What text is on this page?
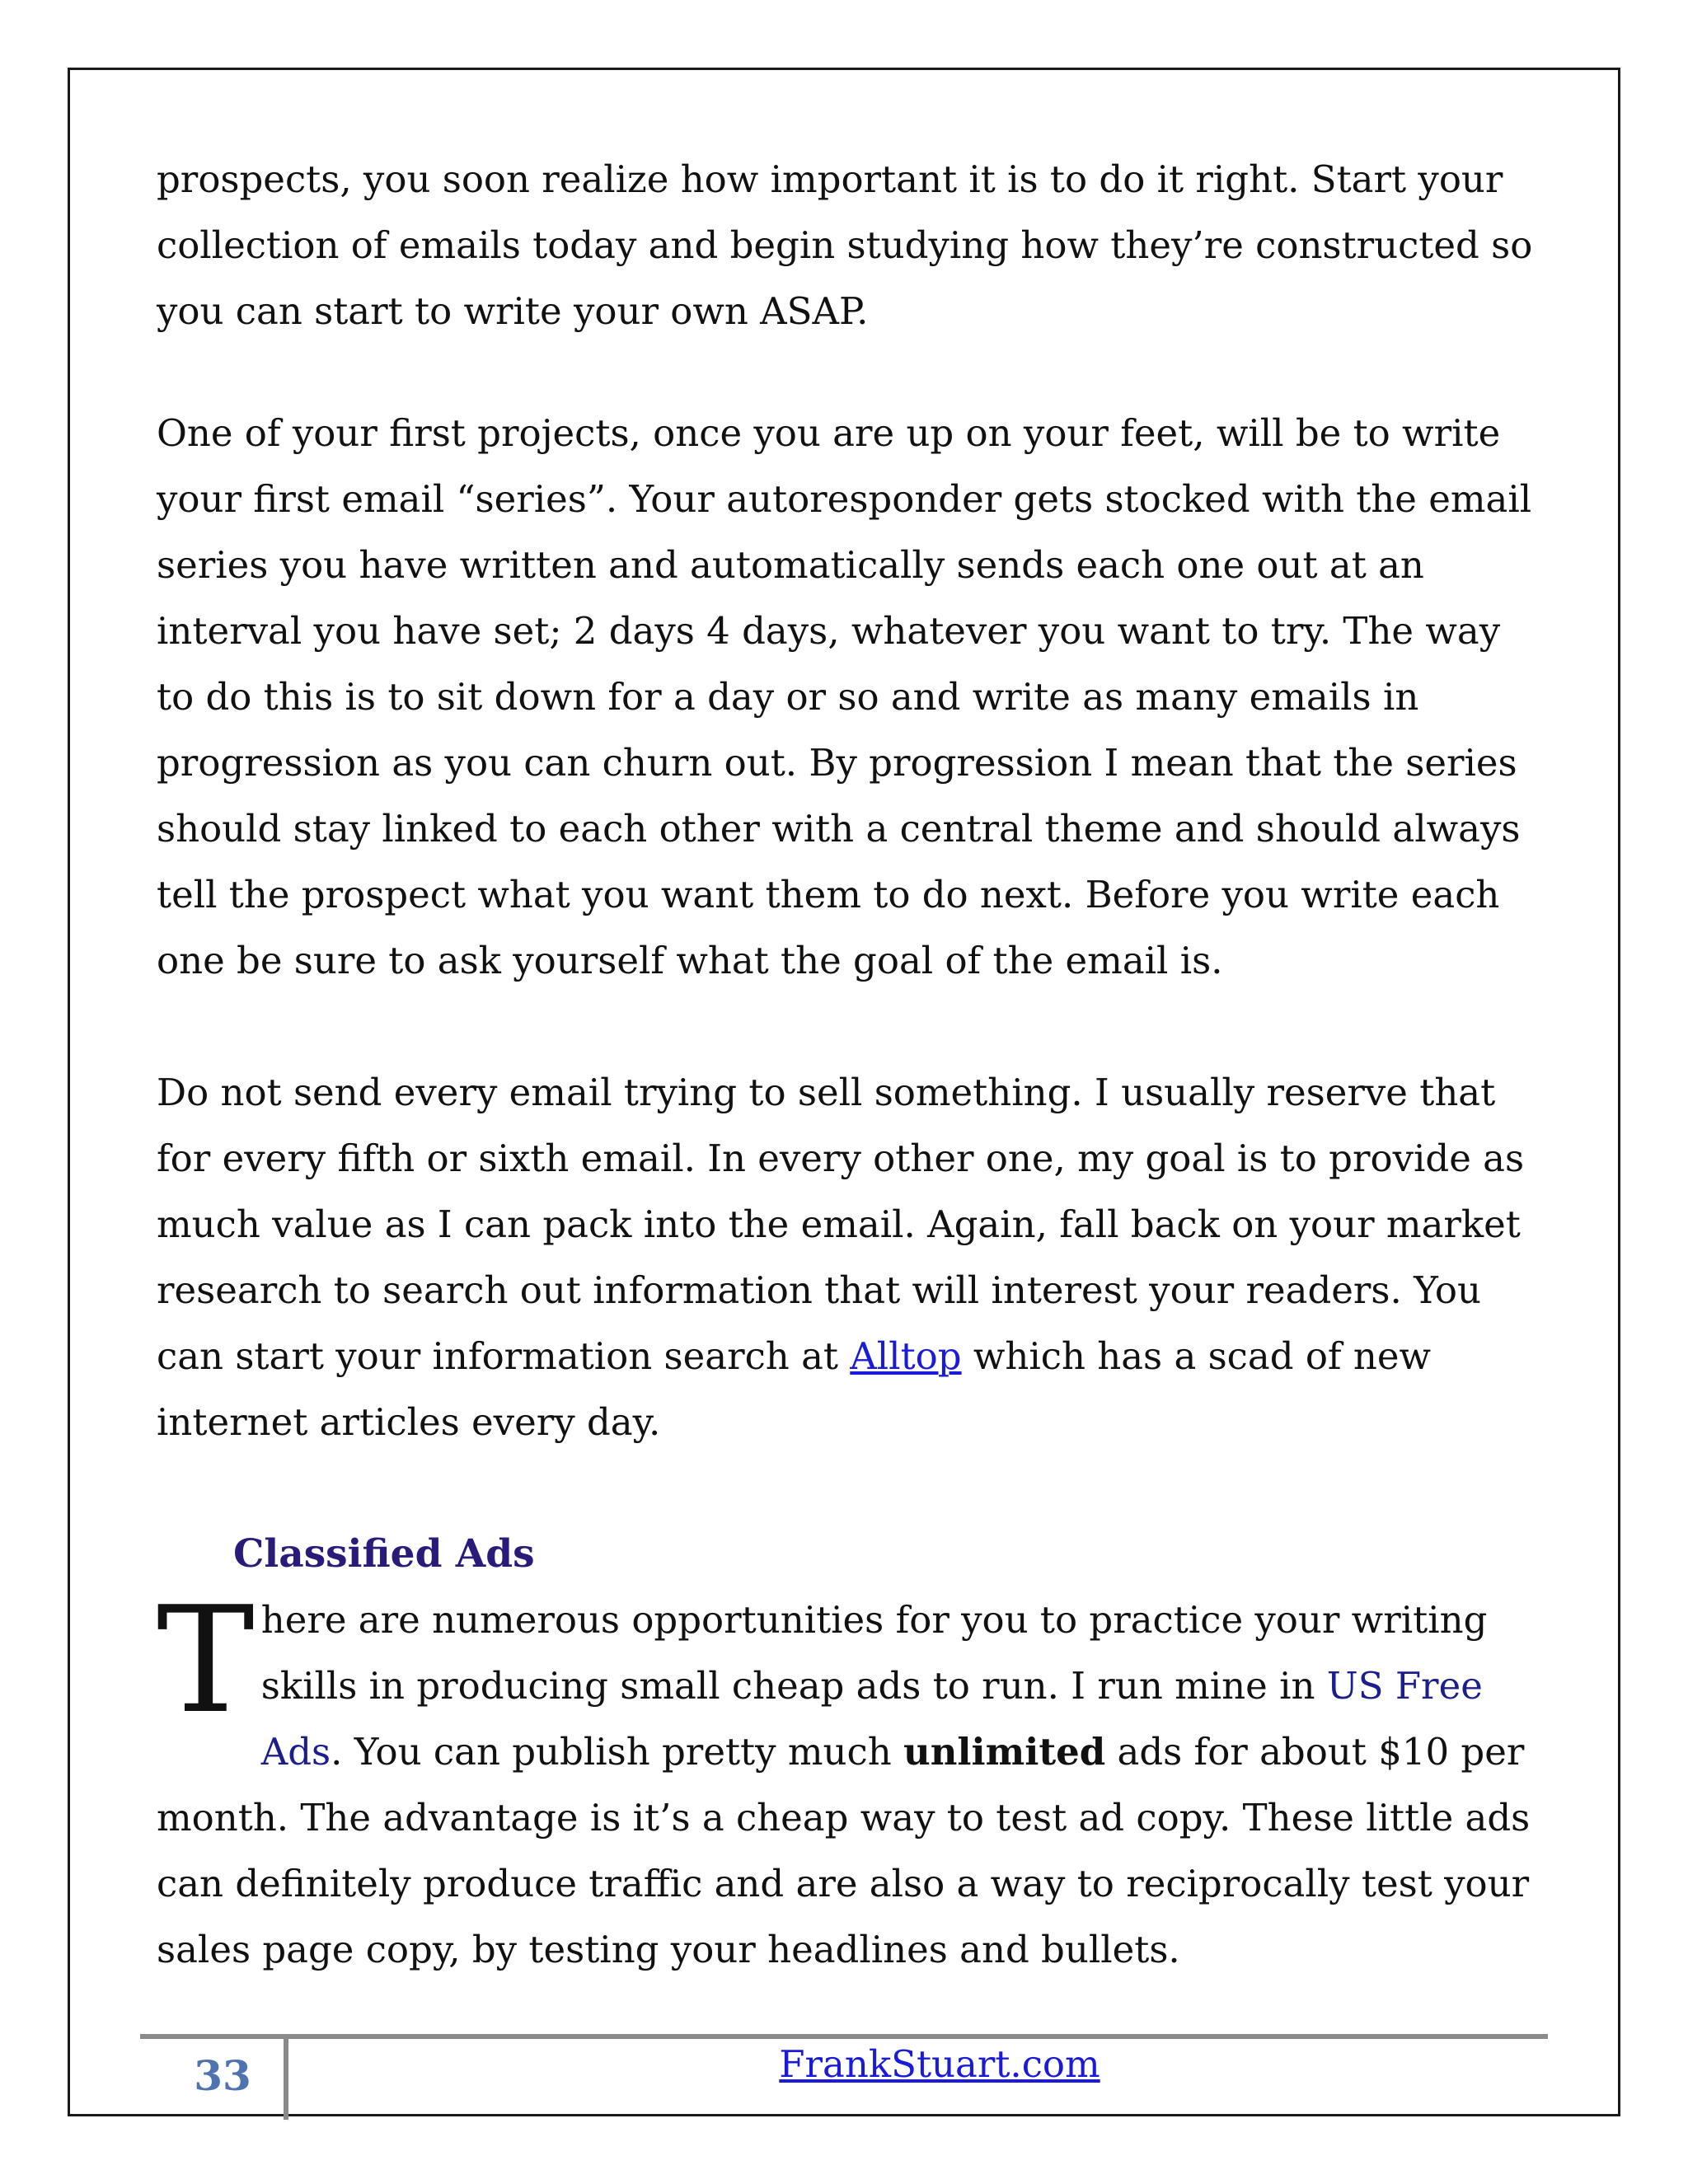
prospects, you soon realize how important it is to do it right. Start your collection of emails today and begin studying how they’re constructed so you can start to write your own ASAP.

One of your first projects, once you are up on your feet, will be to write your first email “series”. Your autoresponder gets stocked with the email series you have written and automatically sends each one out at an interval you have set; 2 days 4 days, whatever you want to try. The way to do this is to sit down for a day or so and write as many emails in progression as you can churn out. By progression I mean that the series should stay linked to each other with a central theme and should always tell the prospect what you want them to do next. Before you write each one be sure to ask yourself what the goal of the email is.

Do not send every email trying to sell something. I usually reserve that for every fifth or sixth email. In every other one, my goal is to provide as much value as I can pack into the email. Again, fall back on your market research to search out information that will interest your readers. You can start your information search at Alltop which has a scad of new internet articles every day.

Classified Ads

There are numerous opportunities for you to practice your writing skills in producing small cheap ads to run. I run mine in US Free Ads. You can publish pretty much unlimited ads for about $10 per month. The advantage is it’s a cheap way to test ad copy. These little ads can definitely produce traffic and are also a way to reciprocally test your sales page copy, by testing your headlines and bullets.

33	FrankStuart.com
